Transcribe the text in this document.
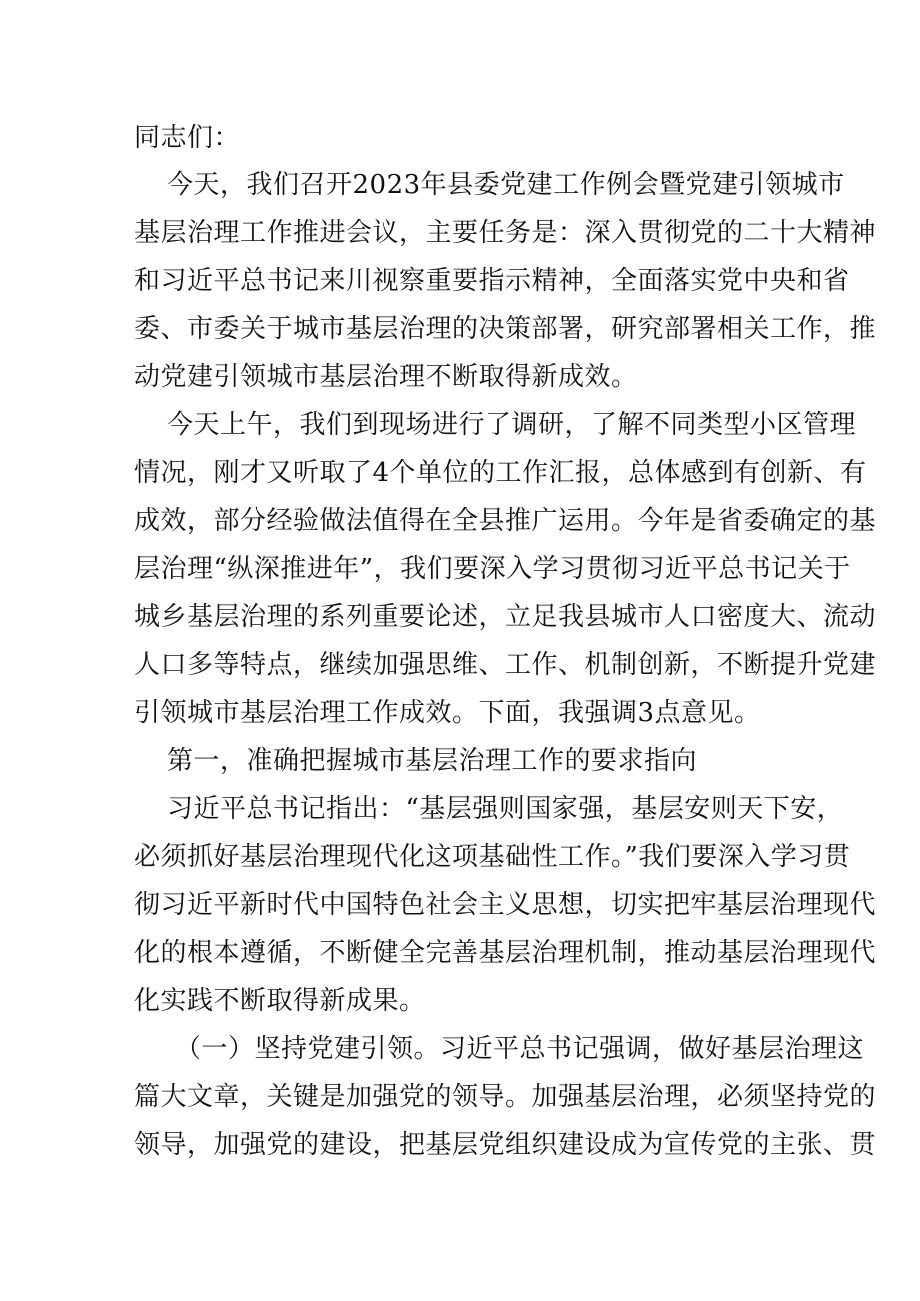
同志们：
今天，我们召开2023年县委党建工作例会暨党建引领城市
基层治理工作推进会议，主要任务是：深入贯彻党的二十大精神
和习近平总书记来川视察重要指示精神，全面落实党中央和省
委、市委关于城市基层治理的决策部署，研究部署相关工作，推
动党建引领城市基层治理不断取得新成效。
今天上午，我们到现场进行了调研，了解不同类型小区管理
情况，刚才又听取了4个单位的工作汇报，总体感到有创新、有
成效，部分经验做法值得在全县推广运用。今年是省委确定的基
层治理“纵深推进年”，我们要深入学习贯彻习近平总书记关于
城乡基层治理的系列重要论述，立足我县城市人口密度大、流动
人口多等特点，继续加强思维、工作、机制创新，不断提升党建
引领城市基层治理工作成效。下面，我强调3点意见。
第一，准确把握城市基层治理工作的要求指向
习近平总书记指出：“基层强则国家强，基层安则天下安，
必须抓好基层治理现代化这项基础性工作。”我们要深入学习贯
彻习近平新时代中国特色社会主义思想，切实把牢基层治理现代
化的根本遵循，不断健全完善基层治理机制，推动基层治理现代
化实践不断取得新成果。
（一）坚持党建引领。习近平总书记强调，做好基层治理这
篇大文章，关键是加强党的领导。加强基层治理，必须坚持党的
领导，加强党的建设，把基层党组织建设成为宣传党的主张、贯
